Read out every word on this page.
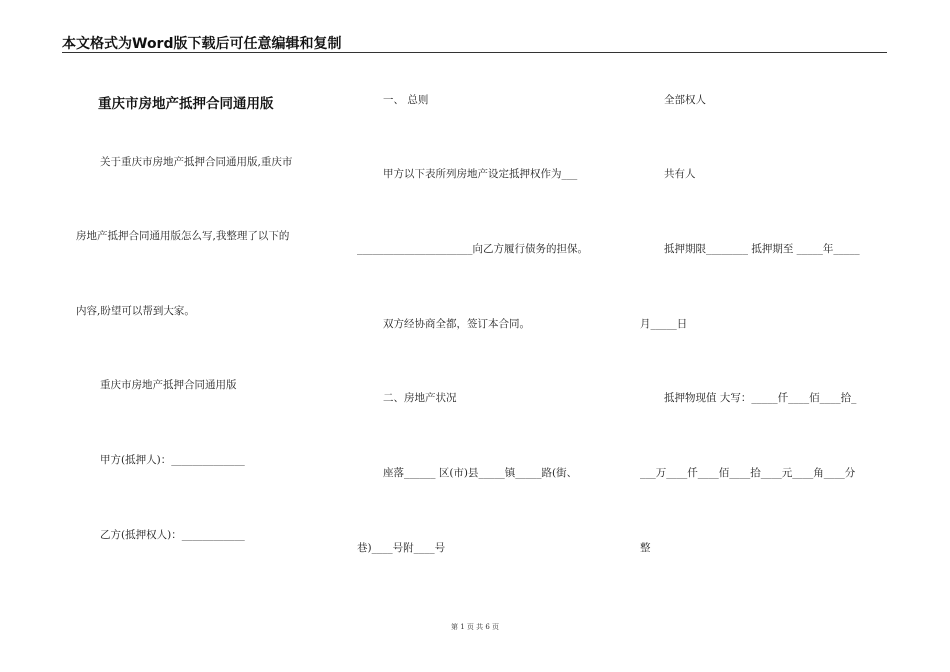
本文格式为Word版下载后可任意编辑和复制
重庆市房地产抵押合同通用版
关于重庆市房地产抵押合同通用版,重庆市
房地产抵押合同通用版怎么写,我整理了以下的
内容,盼望可以帮到大家。
重庆市房地产抵押合同通用版
甲方(抵押人)：______________
乙方(抵押权人)：____________
一、 总则
甲方以下表所列房地产设定抵押权作为___
______________________向乙方履行债务的担保。
双方经协商全都，签订本合同。
二、房地产状况
座落______ 区(市)县_____镇_____路(街、
巷)____号附____号
全部权人
共有人
抵押期限________ 抵押期至 _____年_____
月_____日
抵押物现值 大写：_____仟____佰____拾_
___万____仟____佰____拾____元____角____分
整
第 1 页 共 6 页
